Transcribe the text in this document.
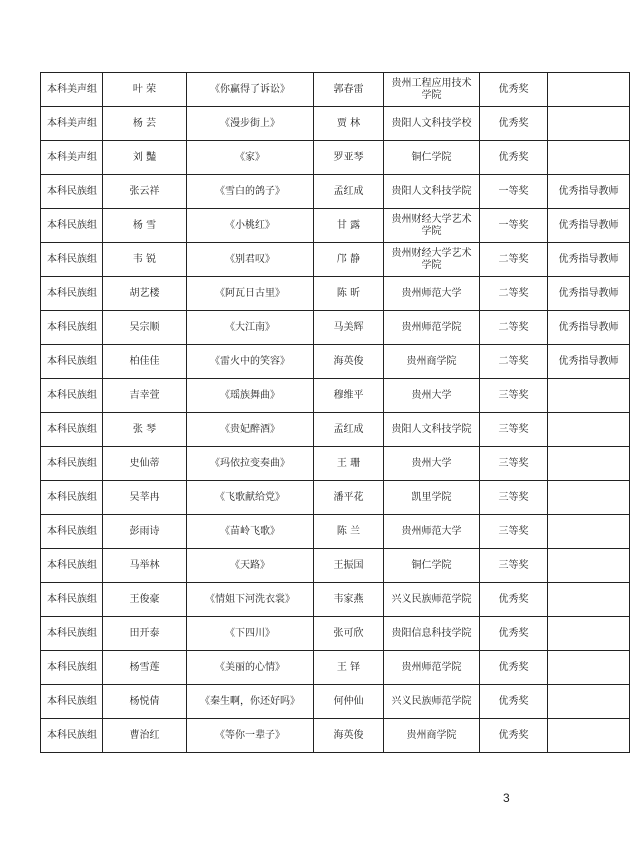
本科美声组	叶 荣	《你赢得了诉讼》	郭春雷	贵州工程应用技术学院	优秀奖	
本科美声组	杨 芸	《漫步街上》	贾 林	贵阳人文科技学校	优秀奖	
本科美声组	刘 豔	《家》	罗亚琴	铜仁学院	优秀奖	
本科民族组	张云祥	《雪白的鸽子》	孟红成	贵阳人文科技学院	一等奖	优秀指导教师
本科民族组	杨 雪	《小桃红》	甘 露	贵州财经大学艺术学院	一等奖	优秀指导教师
本科民族组	韦 锐	《别君叹》	邝 静	贵州财经大学艺术学院	二等奖	优秀指导教师
本科民族组	胡艺楼	《阿瓦日古里》	陈 昕	贵州师范大学	二等奖	优秀指导教师
本科民族组	吴宗顺	《大江南》	马美辉	贵州师范学院	二等奖	优秀指导教师
本科民族组	柏佳佳	《雷火中的笑容》	海英俊	贵州商学院	二等奖	优秀指导教师
本科民族组	吉幸萱	《瑶族舞曲》	穆维平	贵州大学	三等奖	
本科民族组	张 琴	《贵妃醉酒》	孟红成	贵阳人文科技学院	三等奖	
本科民族组	史仙蒂	《玛依拉变奏曲》	王 珊	贵州大学	三等奖	
本科民族组	吴莘冉	《飞歌献给党》	潘平花	凯里学院	三等奖	
本科民族组	彭雨诗	《苗岭飞歌》	陈 兰	贵州师范大学	三等奖	
本科民族组	马举林	《天路》	王振国	铜仁学院	三等奖	
本科民族组	王俊豪	《情姐下河洗衣裳》	韦家燕	兴义民族师范学院	优秀奖	
本科民族组	田开泰	《下四川》	张可欣	贵阳信息科技学院	优秀奖	
本科民族组	杨雪莲	《美丽的心情》	王 铎	贵州师范学院	优秀奖	
本科民族组	杨悦倩	《秦生啊，你还好吗》	何仲仙	兴义民族师范学院	优秀奖	
本科民族组	曹治红	《等你一辈子》	海英俊	贵州商学院	优秀奖	
3
